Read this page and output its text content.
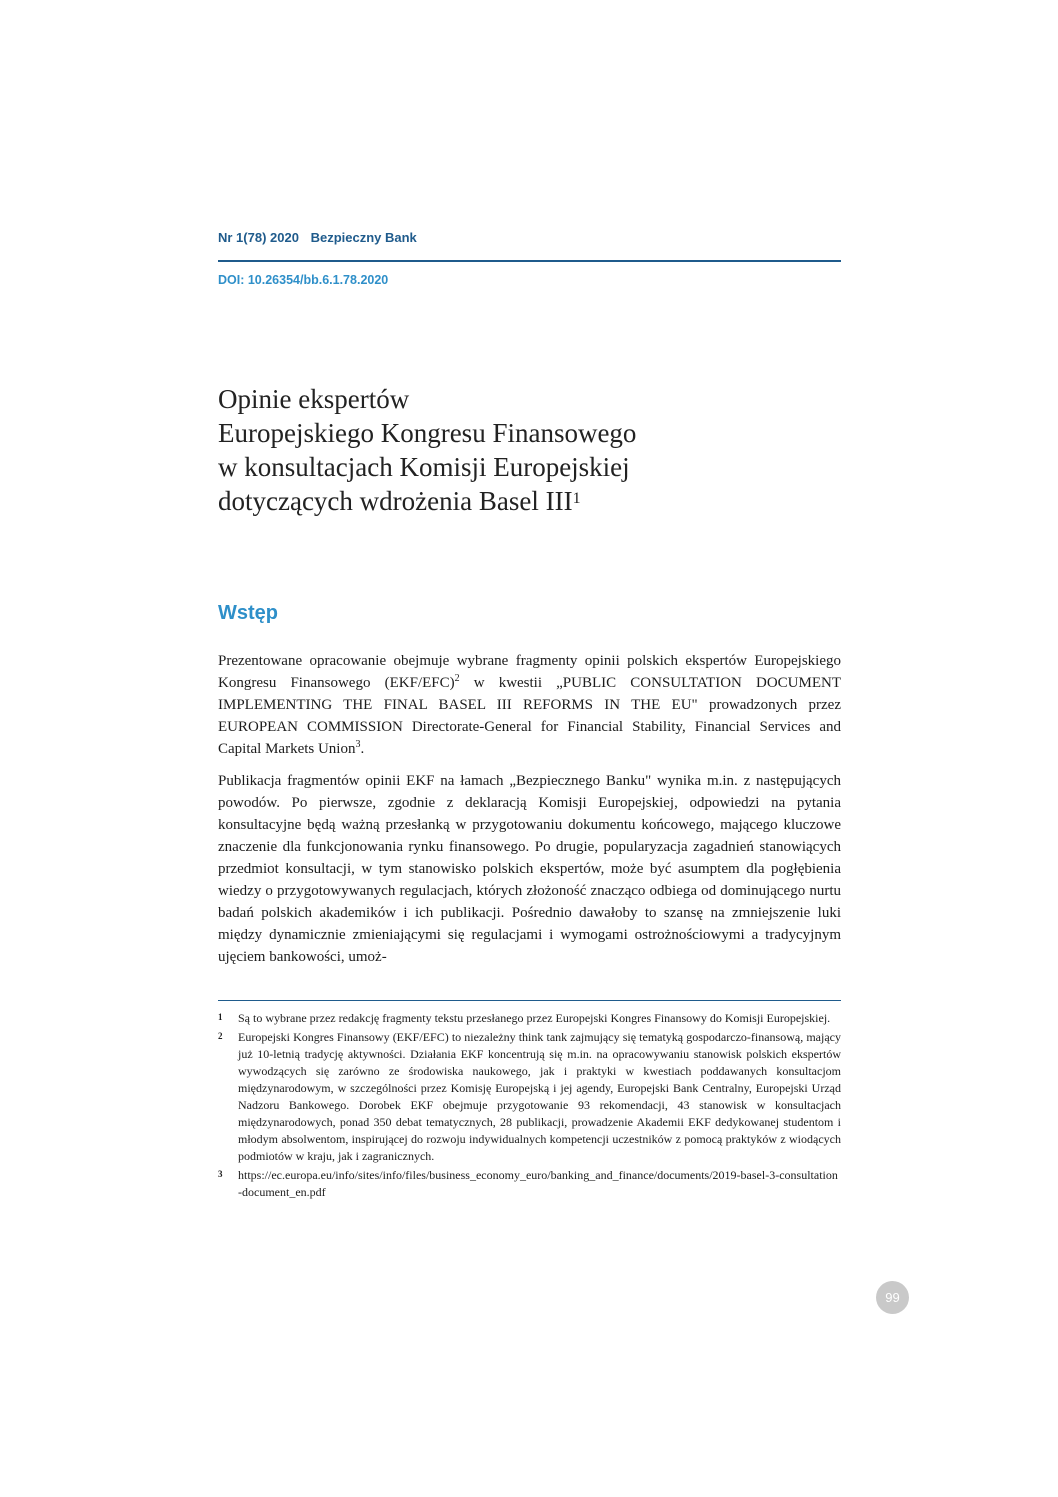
Nr 1(78) 2020 Bezpieczny Bank
DOI: 10.26354/bb.6.1.78.2020
Opinie ekspertów
Europejskiego Kongresu Finansowego
w konsultacjach Komisji Europejskiej
dotyczących wdrożenia Basel III$^1$
Wstęp

Prezentowane opracowanie obejmuje wybrane fragmenty opinii polskich ekspertów Europejskiego Kongresu Finansowego $(EKF/EFC)^2$ w kwestii „PUBLIC CONSULTATION DOCUMENT IMPLEMENTING THE FINAL BASEL III REFORMS IN THE EU" prowadzonych przez EUROPEAN COMMISSION Directorate-General for Financial Stability, Financial Services and Capital Markets Union$^3$.

Publikacja fragmentów opinii EKF na łamach „Bezpiecznego Banku" wynika m.in. z następujących powodów. Po pierwsze, zgodnie z deklaracją Komisji Europejskiej, odpowiedzi na pytania konsultacyjne będą ważną przesłanką w przygotowaniu dokumentu końcowego, mającego kluczowe znaczenie dla funkcjonowania rynku finansowego. Po drugie, popularyzacja zagadnień stanowiących przedmiot konsultacji, w tym stanowisko polskich ekspertów, może być asumptem dla pogłębienia wiedzy o przygotowywanych regulacjach, których złożoność znacząco odbiega od dominującego nurtu badań polskich akademików i ich publikacji. Pośrednio dawałoby to szansę na zmniejszenie luki między dynamicznie zmieniającymi się regulacjami i wymogami ostrożnościowymi a tradycyjnym ujęciem bankowości, umoż-

1	Są to wybrane przez redakcję fragmenty tekstu przesłanego przez Europejski Kongres Finansowy do Komisji Europejskiej.
2	Europejski Kongres Finansowy (EKF/EFC) to niezależny think tank zajmujący się tematyką gospodarczo-finansową, mający już 10-letnią tradycję aktywności. Działania EKF koncentrują się m.in. na opracowywaniu stanowisk polskich ekspertów wywodzących się zarówno ze środowiska naukowego, jak i praktyki w kwestiach poddawanych konsultacjom międzynarodowym, w szczególności przez Komisję Europejską i jej agendy, Europejski Bank Centralny, Europejski Urząd Nadzoru Bankowego. Dorobek EKF obejmuje przygotowanie 93 rekomendacji, 43 stanowisk w konsultacjach międzynarodowych, ponad 350 debat tematycznych, 28 publikacji, prowadzenie Akademii EKF dedykowanej studentom i młodym absolwentom, inspirującej do rozwoju indywidualnych kompetencji uczestników z pomocą praktyków z wiodących podmiotów w kraju, jak i zagranicznych.
3	https://ec.europa.eu/info/sites/info/files/business_economy_euro/banking_and_finance/documents/2019-basel-3-consultation-document_en.pdf
99
